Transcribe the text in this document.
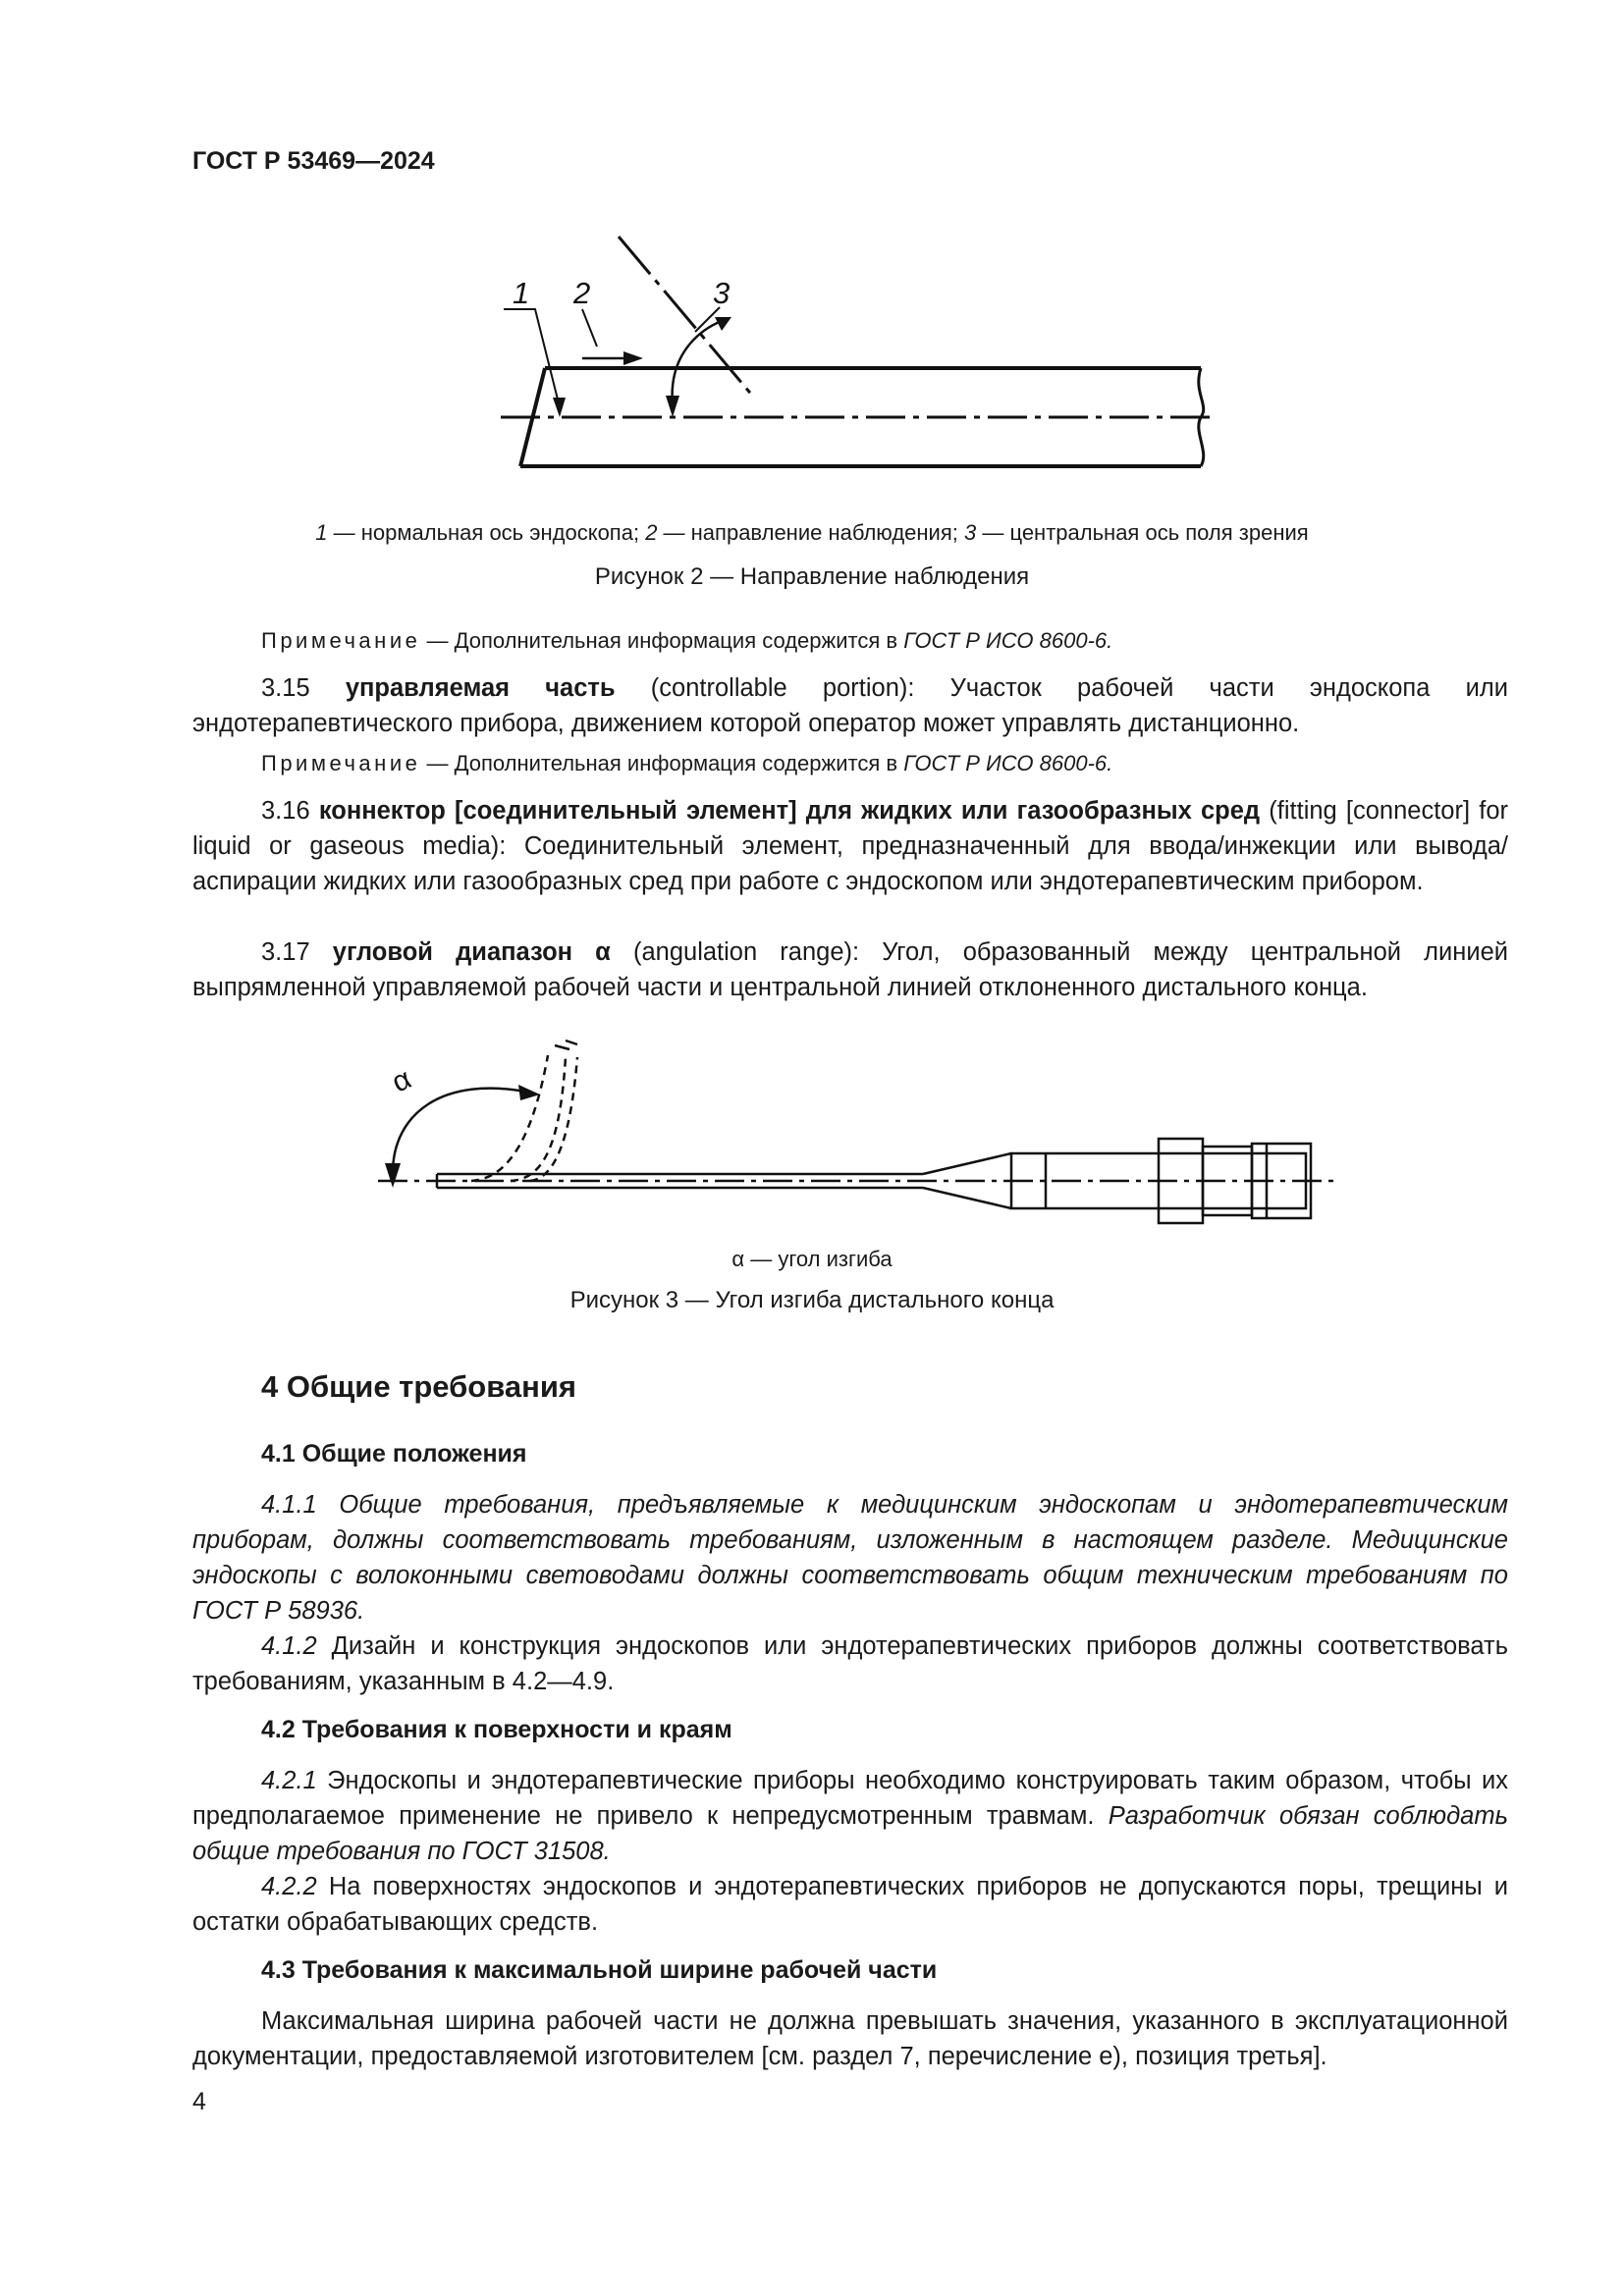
ГОСТ Р 53469—2024
1 2	3
1 — нормальная ось эндоскопа; 2 — направление наблюдения; 3 — центральная ось поля зрения
Рисунок 2 — Направление наблюдения
Примечание — Дополнительная информация содержится в ГОСТ Р ИСО 8600-6.

3.15 управляемая часть (controllable portion): Участок рабочей части эндоскопа или эндотерапевтического прибора, движением которой оператор может управлять дистанционно.

Примечание — Дополнительная информация содержится в ГОСТ Р ИСО 8600-6.

3.16 коннектор [соединительный элемент] для жидких или газообразных сред (fitting [connector] for liquid or gaseous media): Соединительный элемент, предназначенный для ввода/инжекции или вывода/аспирации жидких или газообразных сред при работе с эндоскопом или эндотерапевтическим прибором.

3.17 угловой диапазон α (angulation range): Угол, образованный между центральной линией выпрямленной управляемой рабочей части и центральной линией отклоненного дистального конца.

α
α — угол изгиба
Рисунок 3 — Угол изгиба дистального конца
4 Общие требования
4.1 Общие положения

4.1.1 Общие требования, предъявляемые к медицинским эндоскопам и эндотерапевтическим приборам, должны соответствовать требованиям, изложенным в настоящем разделе. Медицинские эндоскопы с волоконными световодами должны соответствовать общим техническим требованиям по ГОСТ Р 58936.

4.1.2 Дизайн и конструкция эндоскопов или эндотерапевтических приборов должны соответствовать требованиям, указанным в 4.2—4.9.

4.2 Требования к поверхности и краям

4.2.1 Эндоскопы и эндотерапевтические приборы необходимо конструировать таким образом, чтобы их предполагаемое применение не привело к непредусмотренным травмам. Разработчик обязан соблюдать общие требования по ГОСТ 31508.

4.2.2 На поверхностях эндоскопов и эндотерапевтических приборов не допускаются поры, трещины и остатки обрабатывающих средств.

4.3 Требования к максимальной ширине рабочей части

Максимальная ширина рабочей части не должна превышать значения, указанного в эксплуатационной документации, предоставляемой изготовителем [см. раздел 7, перечисление е), позиция третья].

4
